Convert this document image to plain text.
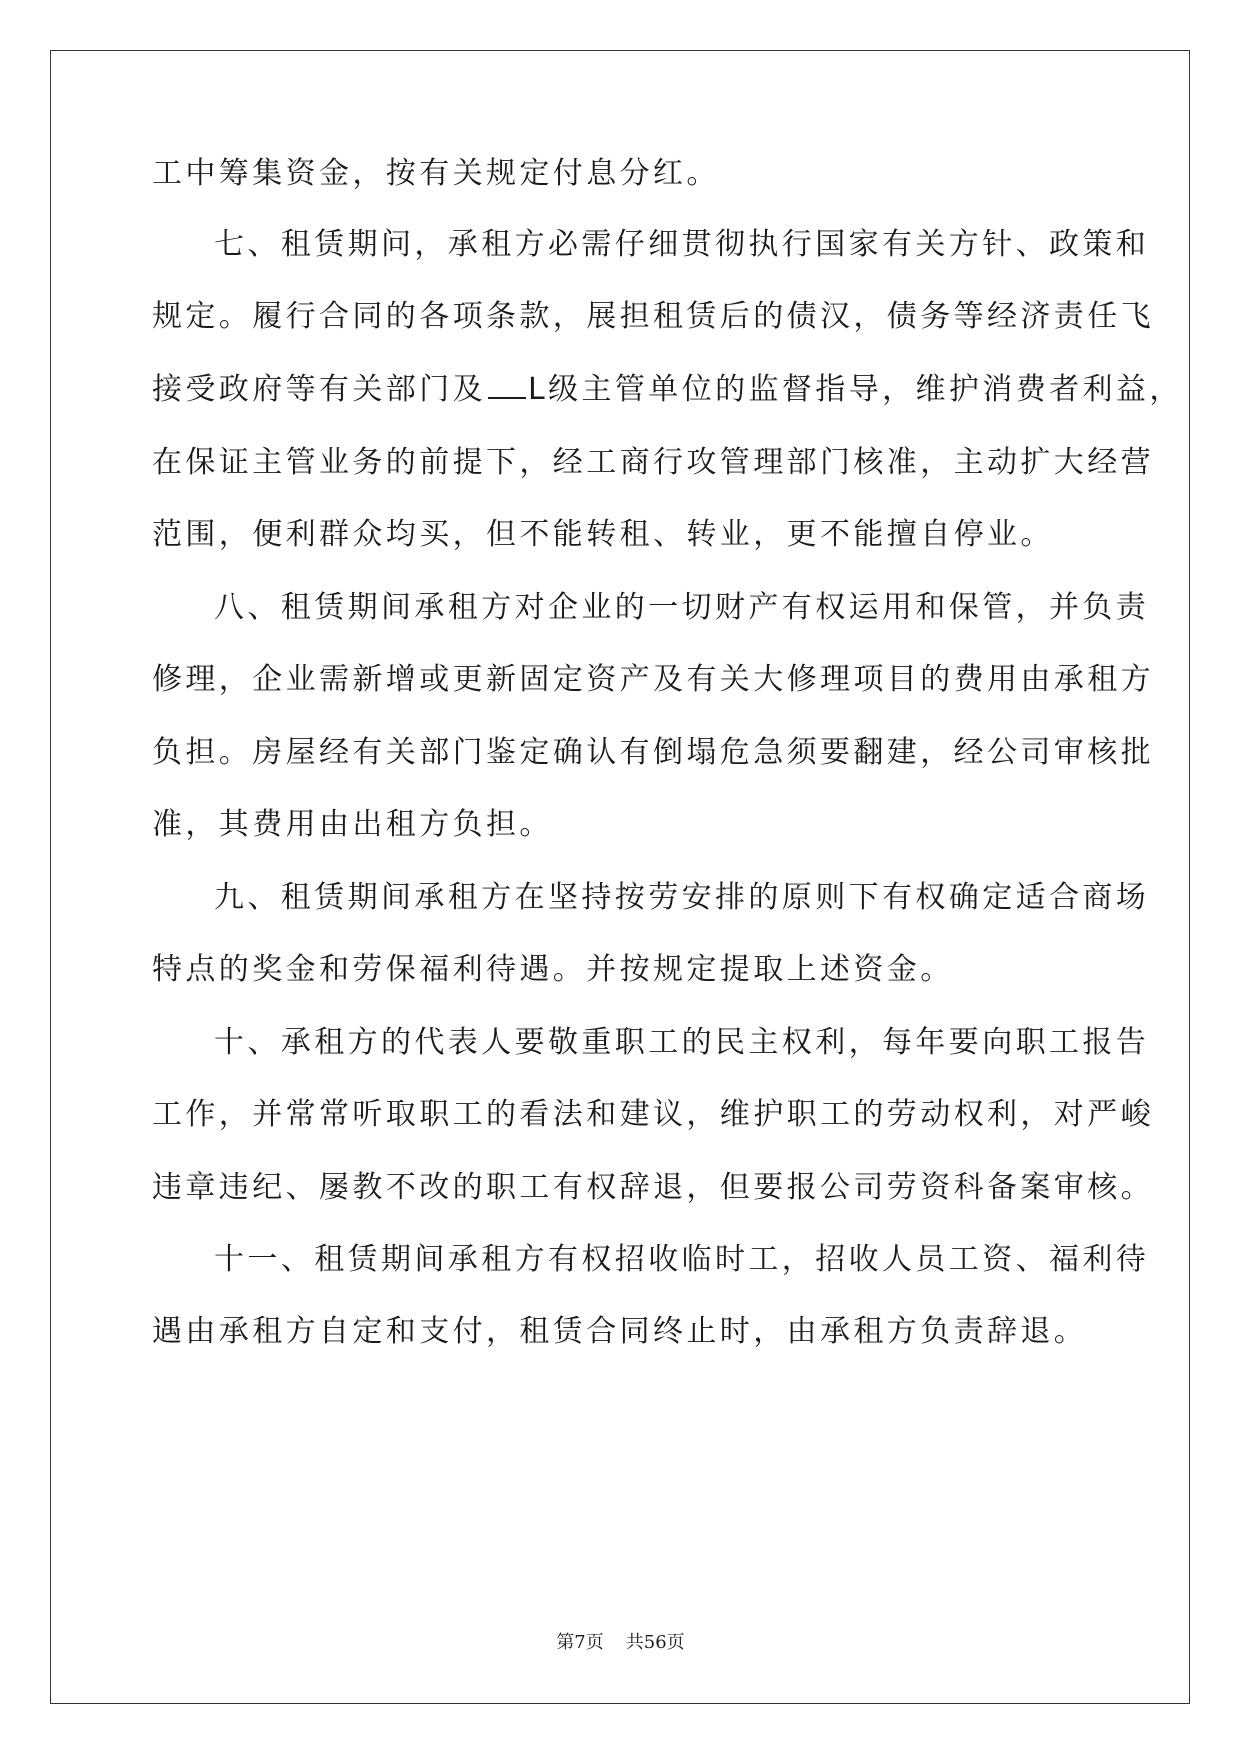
工中筹集资金，按有关规定付息分红。
七、租赁期问，承租方必需仔细贯彻执行国家有关方针、政策和
规定。履行合同的各项条款，展担租赁后的债汉，债务等经济责任飞
接受政府等有关部门及 L级主管单位的监督指导，维护消费者利益，
在保证主管业务的前提下，经工商行攻管理部门核准，主动扩大经营
范围，便利群众均买，但不能转租、转业，更不能擅自停业。
八、租赁期间承租方对企业的一切财产有权运用和保管，并负责
修理，企业需新增或更新固定资产及有关大修理项目的费用由承租方
负担。房屋经有关部门鉴定确认有倒塌危急须要翻建，经公司审核批
准，其费用由出租方负担。
九、租赁期间承租方在坚持按劳安排的原则下有权确定适合商场
特点的奖金和劳保福利待遇。并按规定提取上述资金。
十、承租方的代表人要敬重职工的民主权利，每年要向职工报告
工作，并常常听取职工的看法和建议，维护职工的劳动权利，对严峻
违章违纪、屡教不改的职工有权辞退，但要报公司劳资科备案审核。
十一、租赁期间承租方有权招收临时工，招收人员工资、福利待
遇由承租方自定和支付，租赁合同终止时，由承租方负责辞退。
第7页 共56页
